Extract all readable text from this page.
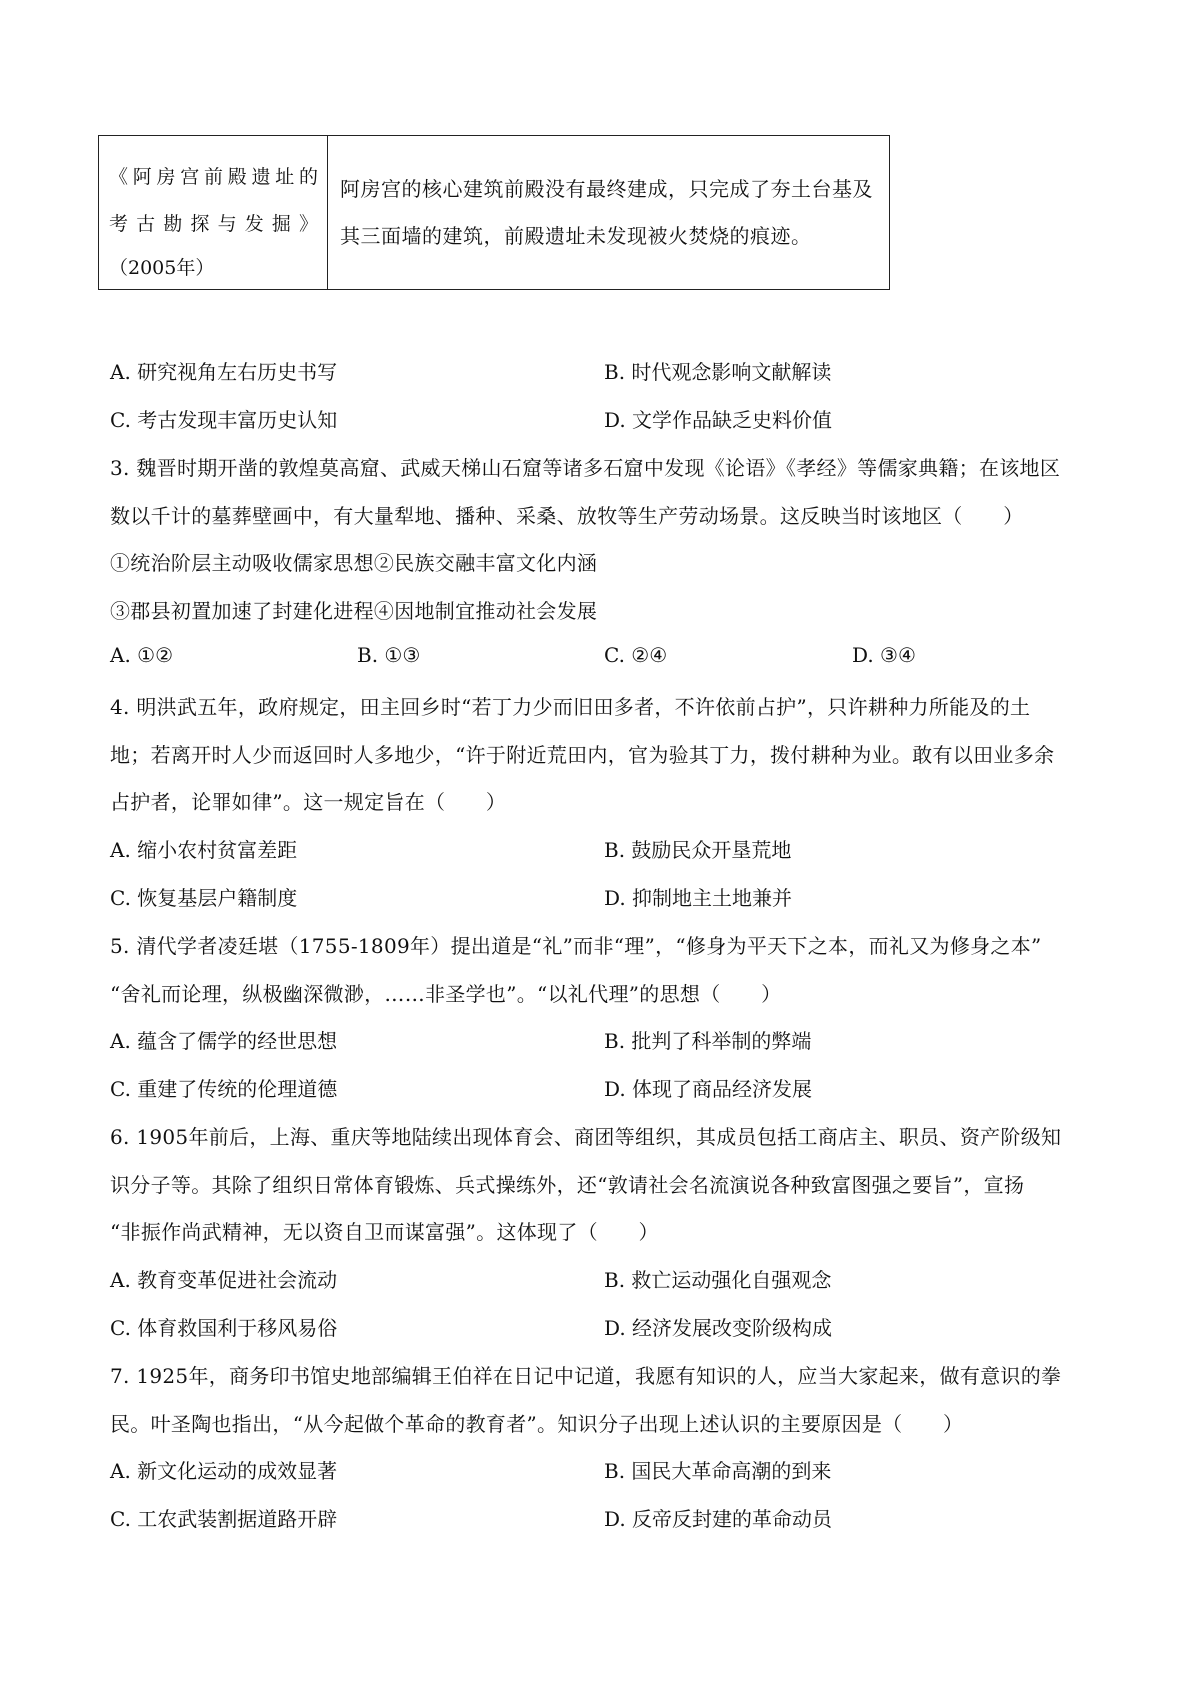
《阿房宫前殿遗址的
考古勘探与发掘》
（2005年）
阿房宫的核心建筑前殿没有最终建成，只完成了夯土台基及其三面墙的建筑，前殿遗址未发现被火焚烧的痕迹。
A. 研究视角左右历史书写	B. 时代观念影响文献解读
C. 考古发现丰富历史认知	D. 文学作品缺乏史料价值
3. 魏晋时期开凿的敦煌莫高窟、武威天梯山石窟等诸多石窟中发现《论语》《孝经》等儒家典籍；在该地区
数以千计的墓葬壁画中，有大量犁地、播种、采桑、放牧等生产劳动场景。这反映当时该地区（　　）
①统治阶层主动吸收儒家思想②民族交融丰富文化内涵
③郡县初置加速了封建化进程④因地制宜推动社会发展
A. ①②	B. ①③	C. ②④	D. ③④
4. 明洪武五年，政府规定，田主回乡时“若丁力少而旧田多者，不许依前占护”，只许耕种力所能及的土
地；若离开时人少而返回时人多地少，“许于附近荒田内，官为验其丁力，拨付耕种为业。敢有以田业多余
占护者，论罪如律”。这一规定旨在（　　）
A. 缩小农村贫富差距	B. 鼓励民众开垦荒地
C. 恢复基层户籍制度	D. 抑制地主土地兼并
5. 清代学者凌廷堪（1755-1809年）提出道是“礼”而非“理”，“修身为平天下之本，而礼又为修身之本”
“舍礼而论理，纵极幽深微渺，……非圣学也”。“以礼代理”的思想（　　）
A. 蕴含了儒学的经世思想	B. 批判了科举制的弊端
C. 重建了传统的伦理道德	D. 体现了商品经济发展
6. 1905年前后，上海、重庆等地陆续出现体育会、商团等组织，其成员包括工商店主、职员、资产阶级知
识分子等。其除了组织日常体育锻炼、兵式操练外，还“敦请社会名流演说各种致富图强之要旨”，宣扬
“非振作尚武精神，无以资自卫而谋富强”。这体现了（　　）
A. 教育变革促进社会流动	B. 救亡运动强化自强观念
C. 体育救国利于移风易俗	D. 经济发展改变阶级构成
7. 1925年，商务印书馆史地部编辑王伯祥在日记中记道，我愿有知识的人，应当大家起来，做有意识的拳
民。叶圣陶也指出，“从今起做个革命的教育者”。知识分子出现上述认识的主要原因是（　　）
A. 新文化运动的成效显著	B. 国民大革命高潮的到来
C. 工农武装割据道路开辟	D. 反帝反封建的革命动员
